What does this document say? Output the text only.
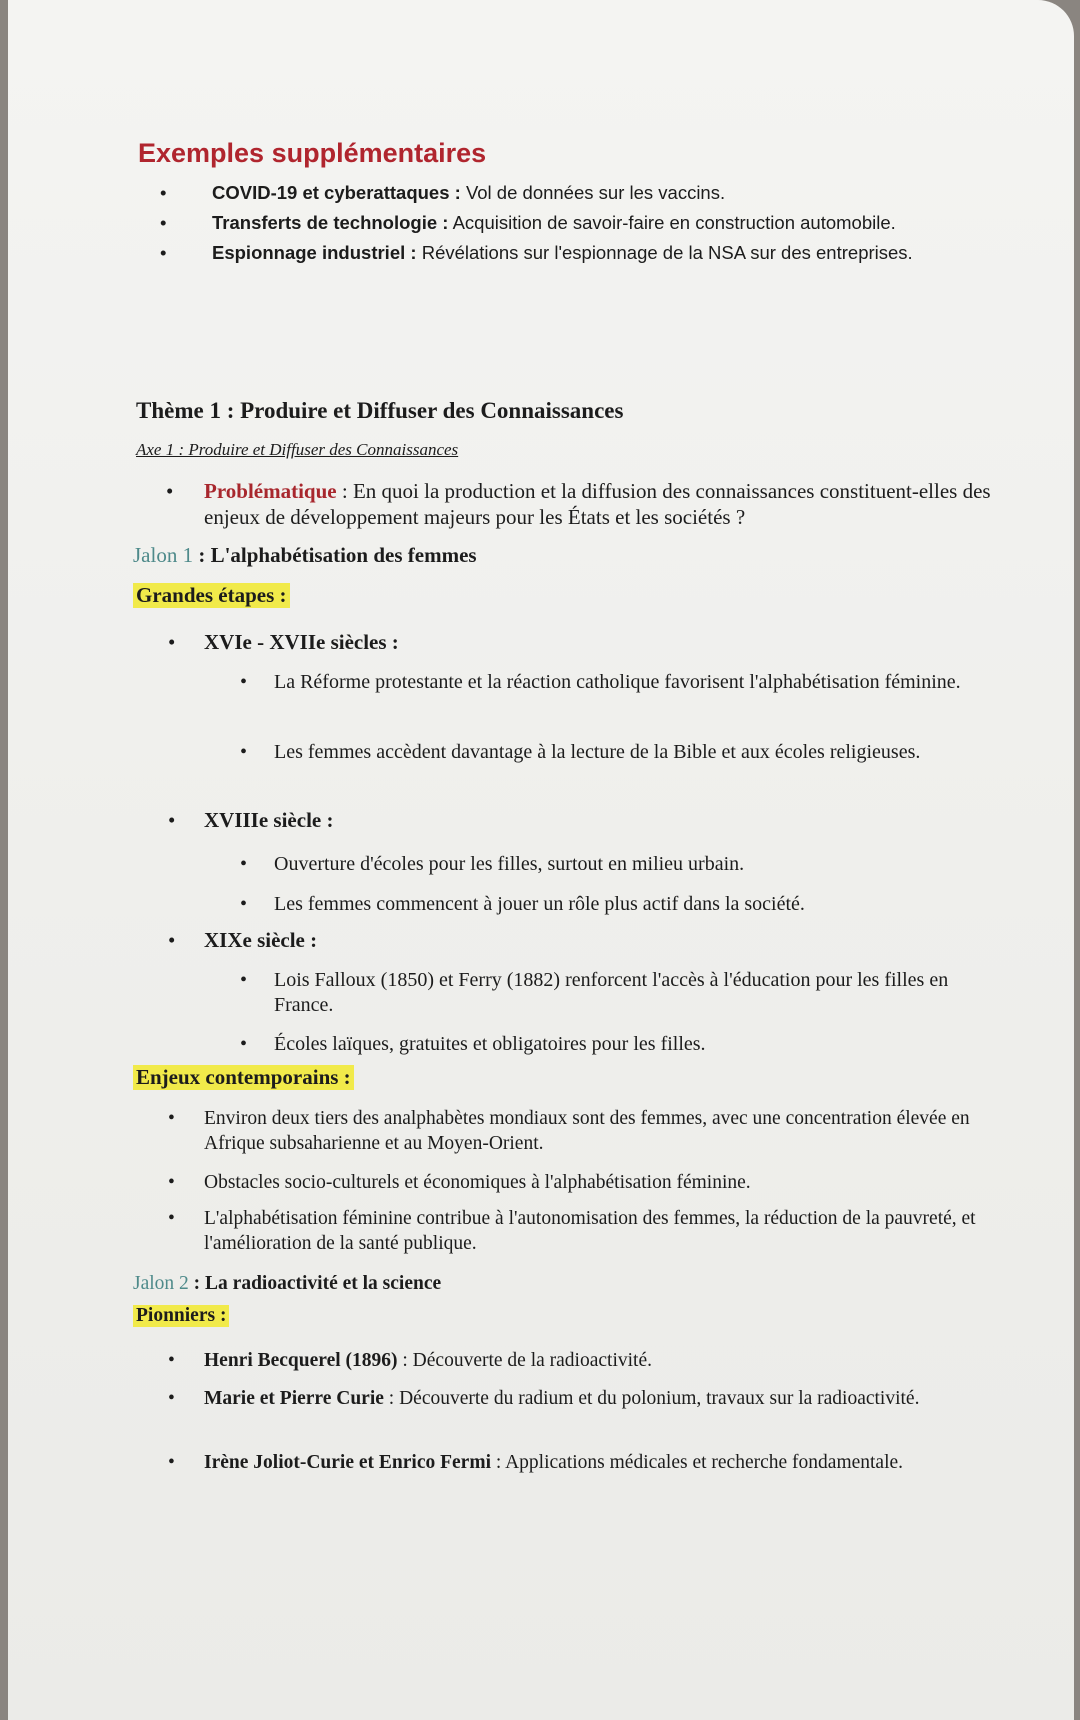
Exemples supplémentaires
• COVID-19 et cyberattaques : Vol de données sur les vaccins.
• Transferts de technologie : Acquisition de savoir-faire en construction automobile.
• Espionnage industriel : Révélations sur l'espionnage de la NSA sur des entreprises.
Thème 1 : Produire et Diffuser des Connaissances
Axe 1 : Produire et Diffuser des Connaissances
•	Problématique : En quoi la production et la diffusion des connaissances constituent-elles des enjeux de développement majeurs pour les États et les sociétés ?
Jalon 1 : L'alphabétisation des femmes
Grandes étapes :
•	XVIe - XVIIe siècles :
•	La Réforme protestante et la réaction catholique favorisent l'alphabétisation féminine.
•	Les femmes accèdent davantage à la lecture de la Bible et aux écoles religieuses.
•	XVIIIe siècle :
•	Ouverture d'écoles pour les filles, surtout en milieu urbain.
•	Les femmes commencent à jouer un rôle plus actif dans la société.
•	XIXe siècle :
•	Lois Falloux (1850) et Ferry (1882) renforcent l'accès à l'éducation pour les filles en France.
•	Écoles laïques, gratuites et obligatoires pour les filles.
Enjeux contemporains :
•	Environ deux tiers des analphabètes mondiaux sont des femmes, avec une concentration élevée en Afrique subsaharienne et au Moyen-Orient.
•	Obstacles socio-culturels et économiques à l'alphabétisation féminine.
•	L'alphabétisation féminine contribue à l'autonomisation des femmes, la réduction de la pauvreté, et l'amélioration de la santé publique.
Jalon 2 : La radioactivité et la science
Pionniers :
•	Henri Becquerel (1896) : Découverte de la radioactivité.
•	Marie et Pierre Curie : Découverte du radium et du polonium, travaux sur la radioactivité.
•	Irène Joliot-Curie et Enrico Fermi : Applications médicales et recherche fondamentale.
